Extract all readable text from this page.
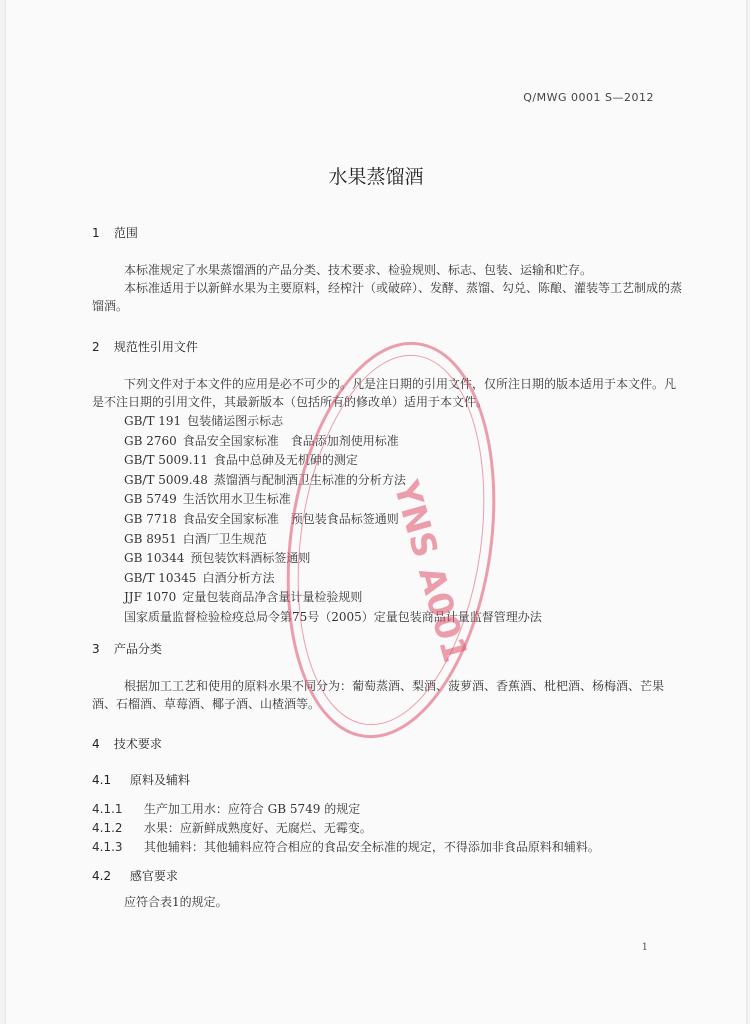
Q/MWG 0001 S—2012
水果蒸馏酒
1 范围

本标准规定了水果蒸馏酒的产品分类、技术要求、检验规则、标志、包装、运输和贮存。

本标准适用于以新鲜水果为主要原料，经榨汁（或破碎）、发酵、蒸馏、勾兑、陈酿、灌装等工艺制成的蒸馏酒。

2 规范性引用文件

下列文件对于本文件的应用是必不可少的。凡是注日期的引用文件，仅所注日期的版本适用于本文件。凡是不注日期的引用文件，其最新版本（包括所有的修改单）适用于本文件。

GB/T 191 包装储运图示标志
GB 2760 食品安全国家标准　食品添加剂使用标准
GB/T 5009.11 食品中总砷及无机砷的测定
GB/T 5009.48 蒸馏酒与配制酒卫生标准的分析方法
GB 5749 生活饮用水卫生标准
GB 7718 食品安全国家标准　预包装食品标签通则
GB 8951 白酒厂卫生规范
GB 10344 预包装饮料酒标签通则
GB/T 10345 白酒分析方法
JJF 1070 定量包装商品净含量计量检验规则
国家质量监督检验检疫总局令第75号（2005）定量包装商品计量监督管理办法
3 产品分类

根据加工工艺和使用的原料水果不同分为：葡萄蒸酒、梨酒、菠萝酒、香蕉酒、枇杷酒、杨梅酒、芒果酒、石榴酒、草莓酒、椰子酒、山楂酒等。

4 技术要求
4.1 原料及辅料
4.1.1 生产加工用水：应符合 GB 5749 的规定
4.1.2 水果：应新鲜成熟度好、无腐烂、无霉变。
4.1.3 其他辅料：其他辅料应符合相应的食品安全标准的规定，不得添加非食品原料和辅料。
4.2 感官要求
应符合表1的规定。
1
YNS A001
